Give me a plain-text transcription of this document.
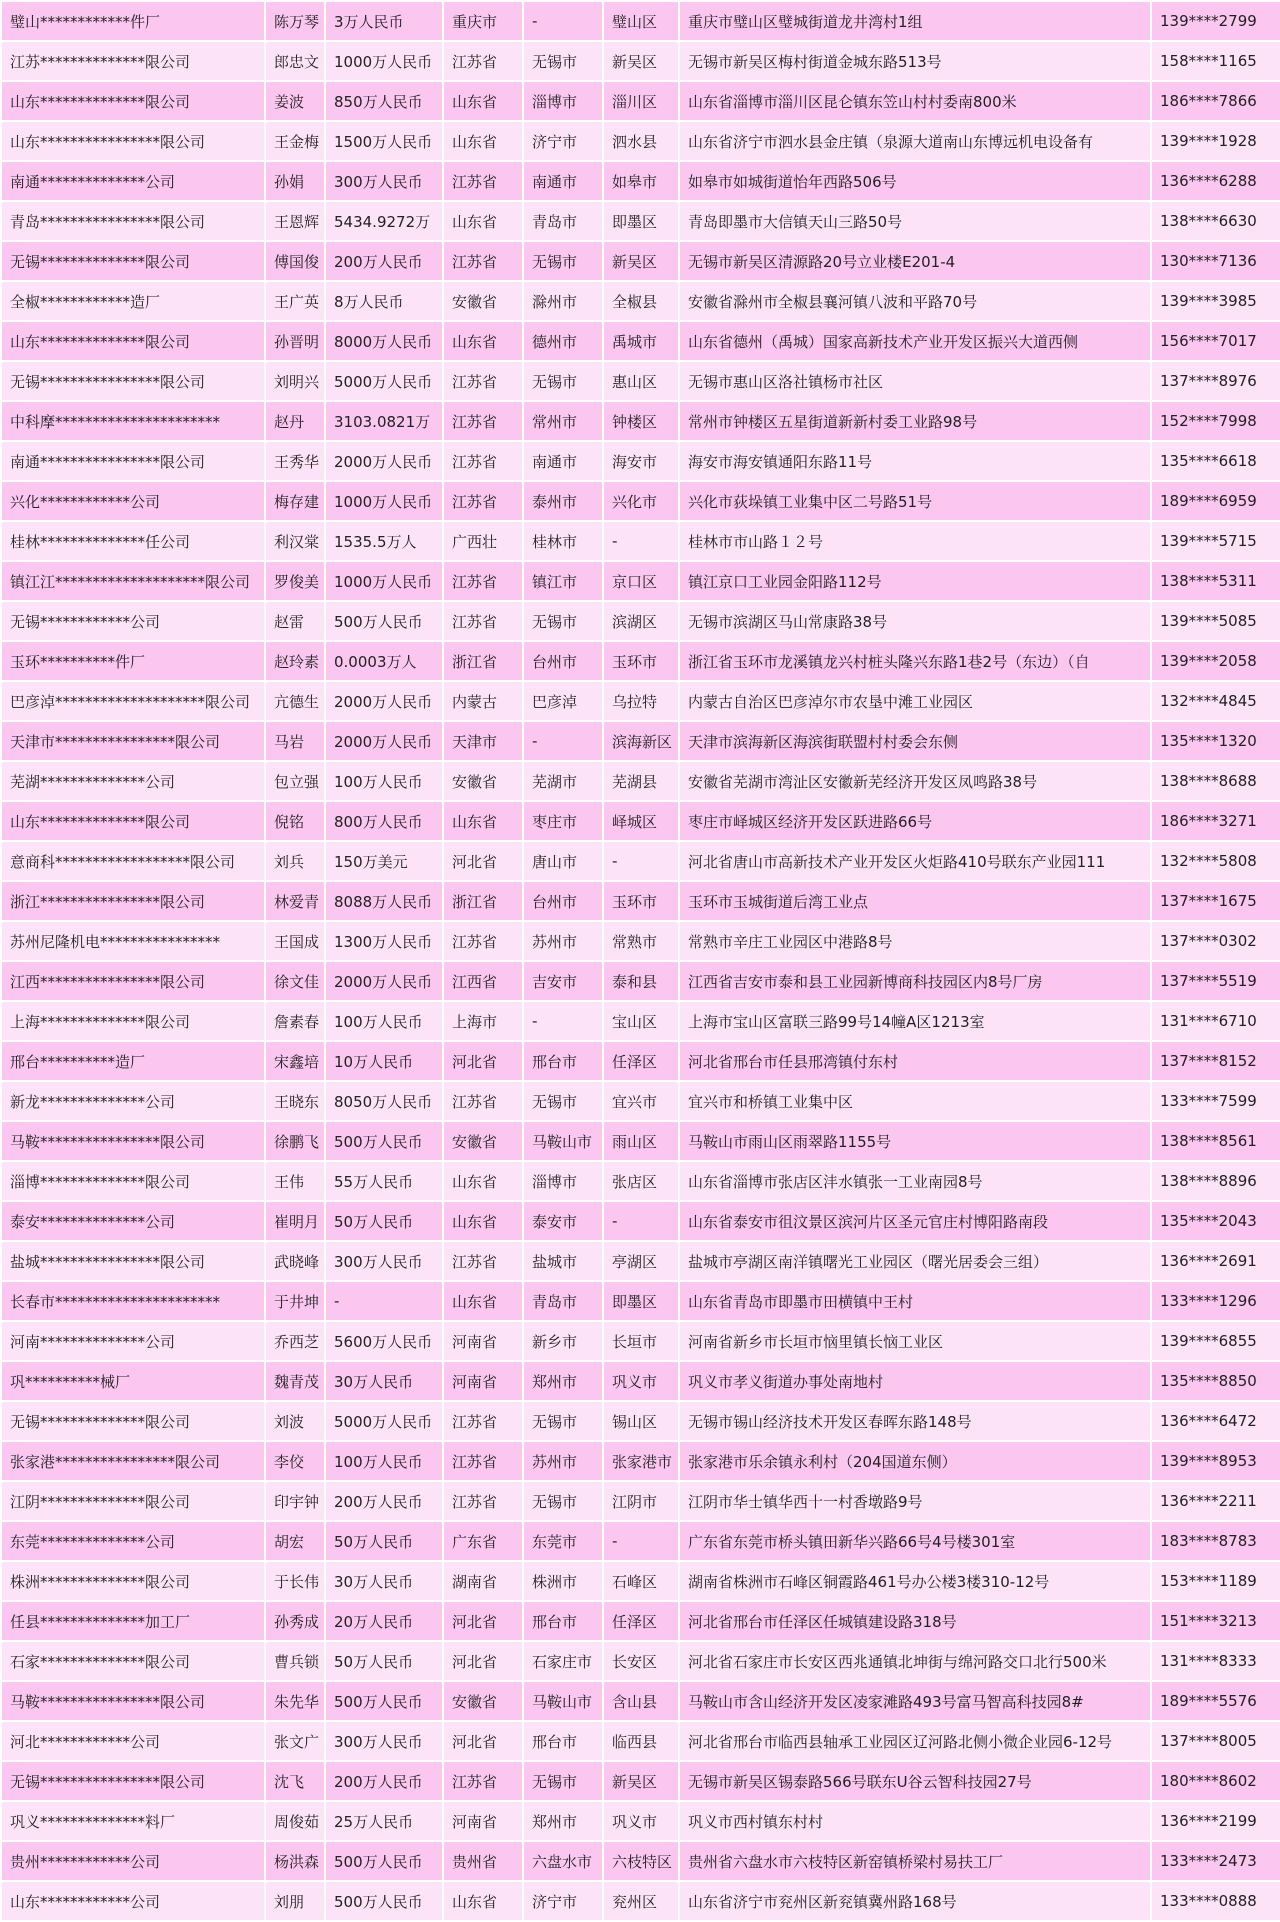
璧山************件厂	陈万琴	3万人民币	重庆市	-	璧山区	重庆市璧山区璧城街道龙井湾村1组	139****2799
江苏**************限公司	郎忠文	1000万人民币	江苏省	无锡市	新吴区	无锡市新吴区梅村街道金城东路513号	158****1165
山东**************限公司	姜波	850万人民币	山东省	淄博市	淄川区	山东省淄博市淄川区昆仑镇东笠山村村委南800米	186****7866
山东****************限公司	王金梅	1500万人民币	山东省	济宁市	泗水县	山东省济宁市泗水县金庄镇（泉源大道南山东博远机电设备有	139****1928
南通**************公司	孙娟	300万人民币	江苏省	南通市	如皋市	如皋市如城街道怡年西路506号	136****6288
青岛****************限公司	王恩辉	5434.9272万	山东省	青岛市	即墨区	青岛即墨市大信镇天山三路50号	138****6630
无锡**************限公司	傅国俊	200万人民币	江苏省	无锡市	新吴区	无锡市新吴区清源路20号立业楼E201-4	130****7136
全椒************造厂	王广英	8万人民币	安徽省	滁州市	全椒县	安徽省滁州市全椒县襄河镇八波和平路70号	139****3985
山东**************限公司	孙晋明	8000万人民币	山东省	德州市	禹城市	山东省德州（禹城）国家高新技术产业开发区振兴大道西侧	156****7017
无锡****************限公司	刘明兴	5000万人民币	江苏省	无锡市	惠山区	无锡市惠山区洛社镇杨市社区	137****8976
中科摩**********************	赵丹	3103.0821万	江苏省	常州市	钟楼区	常州市钟楼区五星街道新新村委工业路98号	152****7998
南通****************限公司	王秀华	2000万人民币	江苏省	南通市	海安市	海安市海安镇通阳东路11号	135****6618
兴化************公司	梅存建	1000万人民币	江苏省	泰州市	兴化市	兴化市荻垛镇工业集中区二号路51号	189****6959
桂林**************任公司	利汉棠	1535.5万人	广西壮	桂林市	-	桂林市市山路１２号	139****5715
镇江江********************限公司	罗俊美	1000万人民币	江苏省	镇江市	京口区	镇江京口工业园金阳路112号	138****5311
无锡************公司	赵雷	500万人民币	江苏省	无锡市	滨湖区	无锡市滨湖区马山常康路38号	139****5085
玉环**********件厂	赵玲素	0.0003万人	浙江省	台州市	玉环市	浙江省玉环市龙溪镇龙兴村桩头隆兴东路1巷2号（东边）（自	139****2058
巴彦淖********************限公司	亢德生	2000万人民币	内蒙古	巴彦淖	乌拉特	内蒙古自治区巴彦淖尔市农垦中滩工业园区	132****4845
天津市****************限公司	马岩	2000万人民币	天津市	-	滨海新区	天津市滨海新区海滨街联盟村村委会东侧	135****1320
芜湖**************公司	包立强	100万人民币	安徽省	芜湖市	芜湖县	安徽省芜湖市湾沚区安徽新芜经济开发区凤鸣路38号	138****8688
山东**************限公司	倪铭	800万人民币	山东省	枣庄市	峄城区	枣庄市峄城区经济开发区跃进路66号	186****3271
意商科******************限公司	刘兵	150万美元	河北省	唐山市	-	河北省唐山市高新技术产业开发区火炬路410号联东产业园111	132****5808
浙江****************限公司	林爱青	8088万人民币	浙江省	台州市	玉环市	玉环市玉城街道后湾工业点	137****1675
苏州尼隆机电****************	王国成	1300万人民币	江苏省	苏州市	常熟市	常熟市辛庄工业园区中港路8号	137****0302
江西****************限公司	徐文佳	2000万人民币	江西省	吉安市	泰和县	江西省吉安市泰和县工业园新博商科技园区内8号厂房	137****5519
上海**************限公司	詹素春	100万人民币	上海市	-	宝山区	上海市宝山区富联三路99号14幢A区1213室	131****6710
邢台**********造厂	宋鑫培	10万人民币	河北省	邢台市	任泽区	河北省邢台市任县邢湾镇付东村	137****8152
新龙**************公司	王晓东	8050万人民币	江苏省	无锡市	宜兴市	宜兴市和桥镇工业集中区	133****7599
马鞍****************限公司	徐鹏飞	500万人民币	安徽省	马鞍山市	雨山区	马鞍山市雨山区雨翠路1155号	138****8561
淄博**************限公司	王伟	55万人民币	山东省	淄博市	张店区	山东省淄博市张店区沣水镇张一工业南园8号	138****8896
泰安**************公司	崔明月	50万人民币	山东省	泰安市	-	山东省泰安市徂汶景区滨河片区圣元官庄村博阳路南段	135****2043
盐城****************限公司	武晓峰	300万人民币	江苏省	盐城市	亭湖区	盐城市亭湖区南洋镇曙光工业园区（曙光居委会三组）	136****2691
长春市**********************	于井坤	-	山东省	青岛市	即墨区	山东省青岛市即墨市田横镇中王村	133****1296
河南**************公司	乔西芝	5600万人民币	河南省	新乡市	长垣市	河南省新乡市长垣市恼里镇长恼工业区	139****6855
巩**********械厂	魏青茂	30万人民币	河南省	郑州市	巩义市	巩义市孝义街道办事处南地村	135****8850
无锡**************限公司	刘波	5000万人民币	江苏省	无锡市	锡山区	无锡市锡山经济技术开发区春晖东路148号	136****6472
张家港****************限公司	李佼	100万人民币	江苏省	苏州市	张家港市	张家港市乐余镇永利村（204国道东侧）	139****8953
江阴**************限公司	印宇钟	200万人民币	江苏省	无锡市	江阴市	江阴市华士镇华西十一村香墩路9号	136****2211
东莞**************公司	胡宏	50万人民币	广东省	东莞市	-	广东省东莞市桥头镇田新华兴路66号4号楼301室	183****8783
株洲**************限公司	于长伟	30万人民币	湖南省	株洲市	石峰区	湖南省株洲市石峰区铜霞路461号办公楼3楼310-12号	153****1189
任县**************加工厂	孙秀成	20万人民币	河北省	邢台市	任泽区	河北省邢台市任泽区任城镇建设路318号	151****3213
石家**************限公司	曹兵锁	50万人民币	河北省	石家庄市	长安区	河北省石家庄市长安区西兆通镇北坤街与绵河路交口北行500米	131****8333
马鞍****************限公司	朱先华	500万人民币	安徽省	马鞍山市	含山县	马鞍山市含山经济开发区凌家滩路493号富马智高科技园8#	189****5576
河北************公司	张文广	300万人民币	河北省	邢台市	临西县	河北省邢台市临西县轴承工业园区辽河路北侧小微企业园6-12号	137****8005
无锡****************限公司	沈飞	200万人民币	江苏省	无锡市	新吴区	无锡市新吴区锡泰路566号联东U谷云智科技园27号	180****8602
巩义**************料厂	周俊茹	25万人民币	河南省	郑州市	巩义市	巩义市西村镇东村村	136****2199
贵州************公司	杨洪森	500万人民币	贵州省	六盘水市	六枝特区	贵州省六盘水市六枝特区新窑镇桥梁村易扶工厂	133****2473
山东************公司	刘朋	500万人民币	山东省	济宁市	兖州区	山东省济宁市兖州区新兖镇冀州路168号	133****0888
